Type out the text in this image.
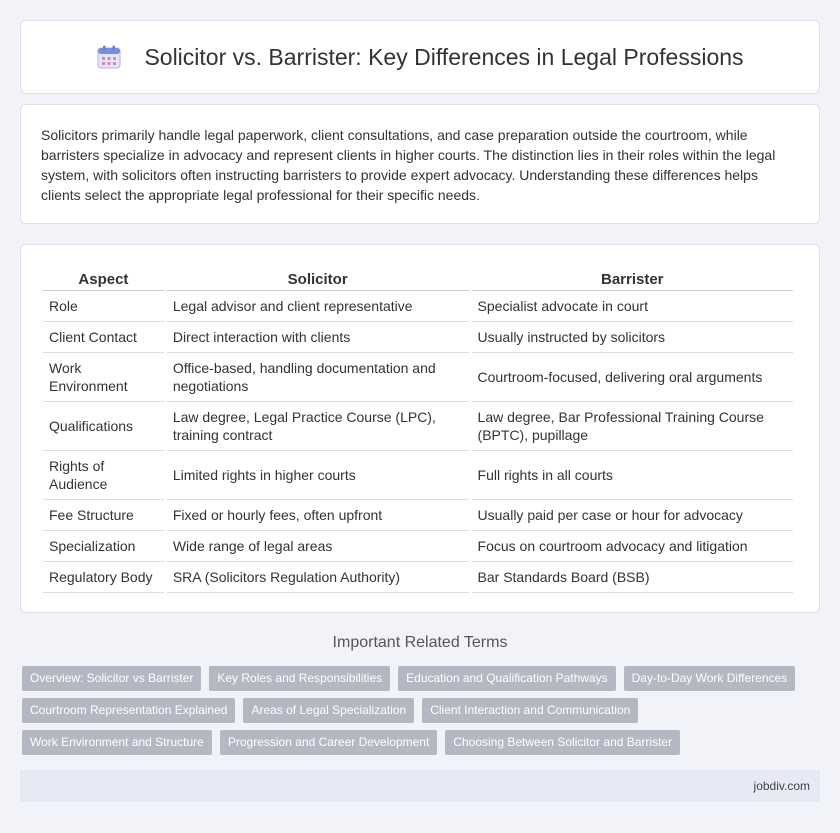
Solicitor vs. Barrister: Key Differences in Legal Professions

Solicitors primarily handle legal paperwork, client consultations, and case preparation outside the courtroom, while barristers specialize in advocacy and represent clients in higher courts. The distinction lies in their roles within the legal system, with solicitors often instructing barristers to provide expert advocacy. Understanding these differences helps clients select the appropriate legal professional for their specific needs.

Aspect	Solicitor	Barrister
Role	Legal advisor and client representative	Specialist advocate in court
Client Contact	Direct interaction with clients	Usually instructed by solicitors
Work Environment	Office-based, handling documentation and negotiations	Courtroom-focused, delivering oral arguments
Qualifications	Law degree, Legal Practice Course (LPC), training contract	Law degree, Bar Professional Training Course (BPTC), pupillage
Rights of Audience	Limited rights in higher courts	Full rights in all courts
Fee Structure	Fixed or hourly fees, often upfront	Usually paid per case or hour for advocacy
Specialization	Wide range of legal areas	Focus on courtroom advocacy and litigation
Regulatory Body	SRA (Solicitors Regulation Authority)	Bar Standards Board (BSB)
Important Related Terms
Overview: Solicitor vs Barrister	Key Roles and Responsibilities	Education and Qualification Pathways	Day-to-Day Work Differences
Courtroom Representation Explained	Areas of Legal Specialization	Client Interaction and Communication
Work Environment and Structure	Progression and Career Development	Choosing Between Solicitor and Barrister
jobdiv.com
